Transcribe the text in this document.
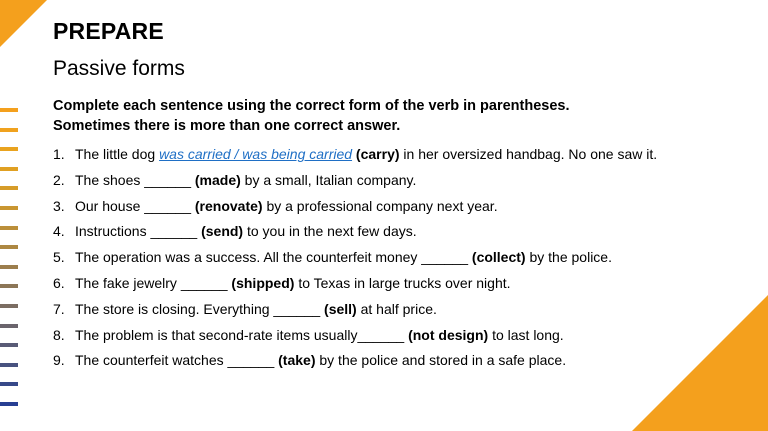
PREPARE
Passive forms
Complete each sentence using the correct form of the verb in parentheses.
Sometimes there is more than one correct answer.
1. The little dog was carried / was being carried (carry) in her oversized handbag. No one saw it.
2. The shoes ______ (made) by a small, Italian company.
3. Our house ______ (renovate) by a professional company next year.
4. Instructions ______ (send) to you in the next few days.
5. The operation was a success. All the counterfeit money ______ (collect) by the police.
6. The fake jewelry ______ (shipped) to Texas in large trucks over night.
7. The store is closing. Everything ______ (sell) at half price.
8. The problem is that second-rate items usually______ (not design) to last long.
9. The counterfeit watches ______ (take) by the police and stored in a safe place.
